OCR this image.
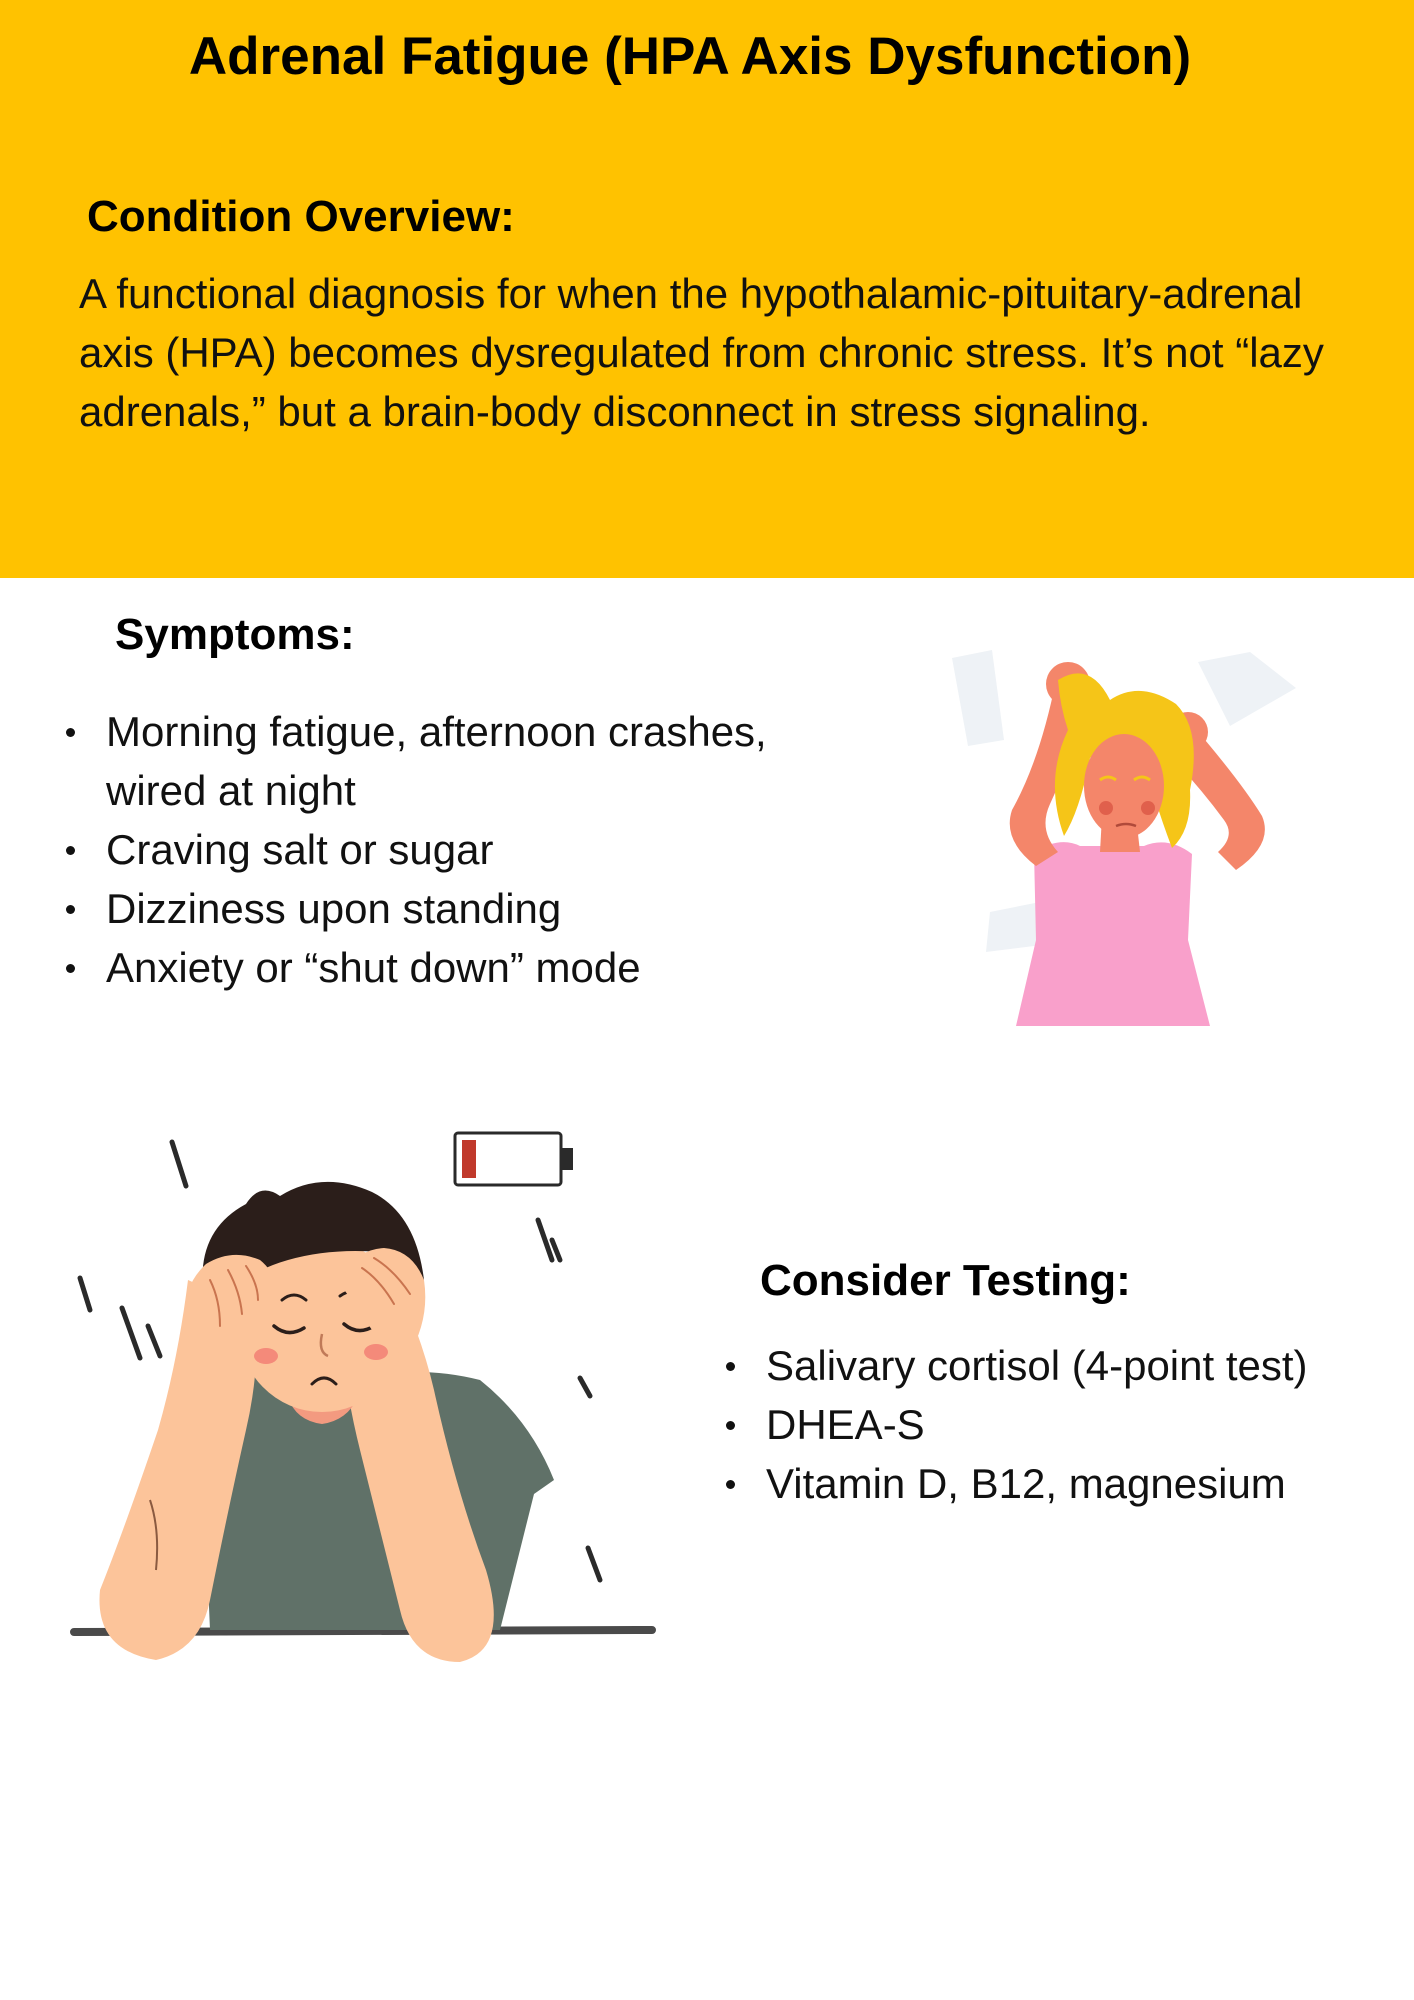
Adrenal Fatigue (HPA Axis Dysfunction)
Condition Overview:

A functional diagnosis for when the hypothalamic-pituitary-adrenal axis (HPA) becomes dysregulated from chronic stress. It’s not “lazy adrenals,” but a brain-body disconnect in stress signaling.

Symptoms:
Morning fatigue, afternoon crashes, wired at night
Craving salt or sugar
Dizziness upon standing
Anxiety or “shut down” mode
Consider Testing:
Salivary cortisol (4-point test)
DHEA-S
Vitamin D, B12, magnesium
